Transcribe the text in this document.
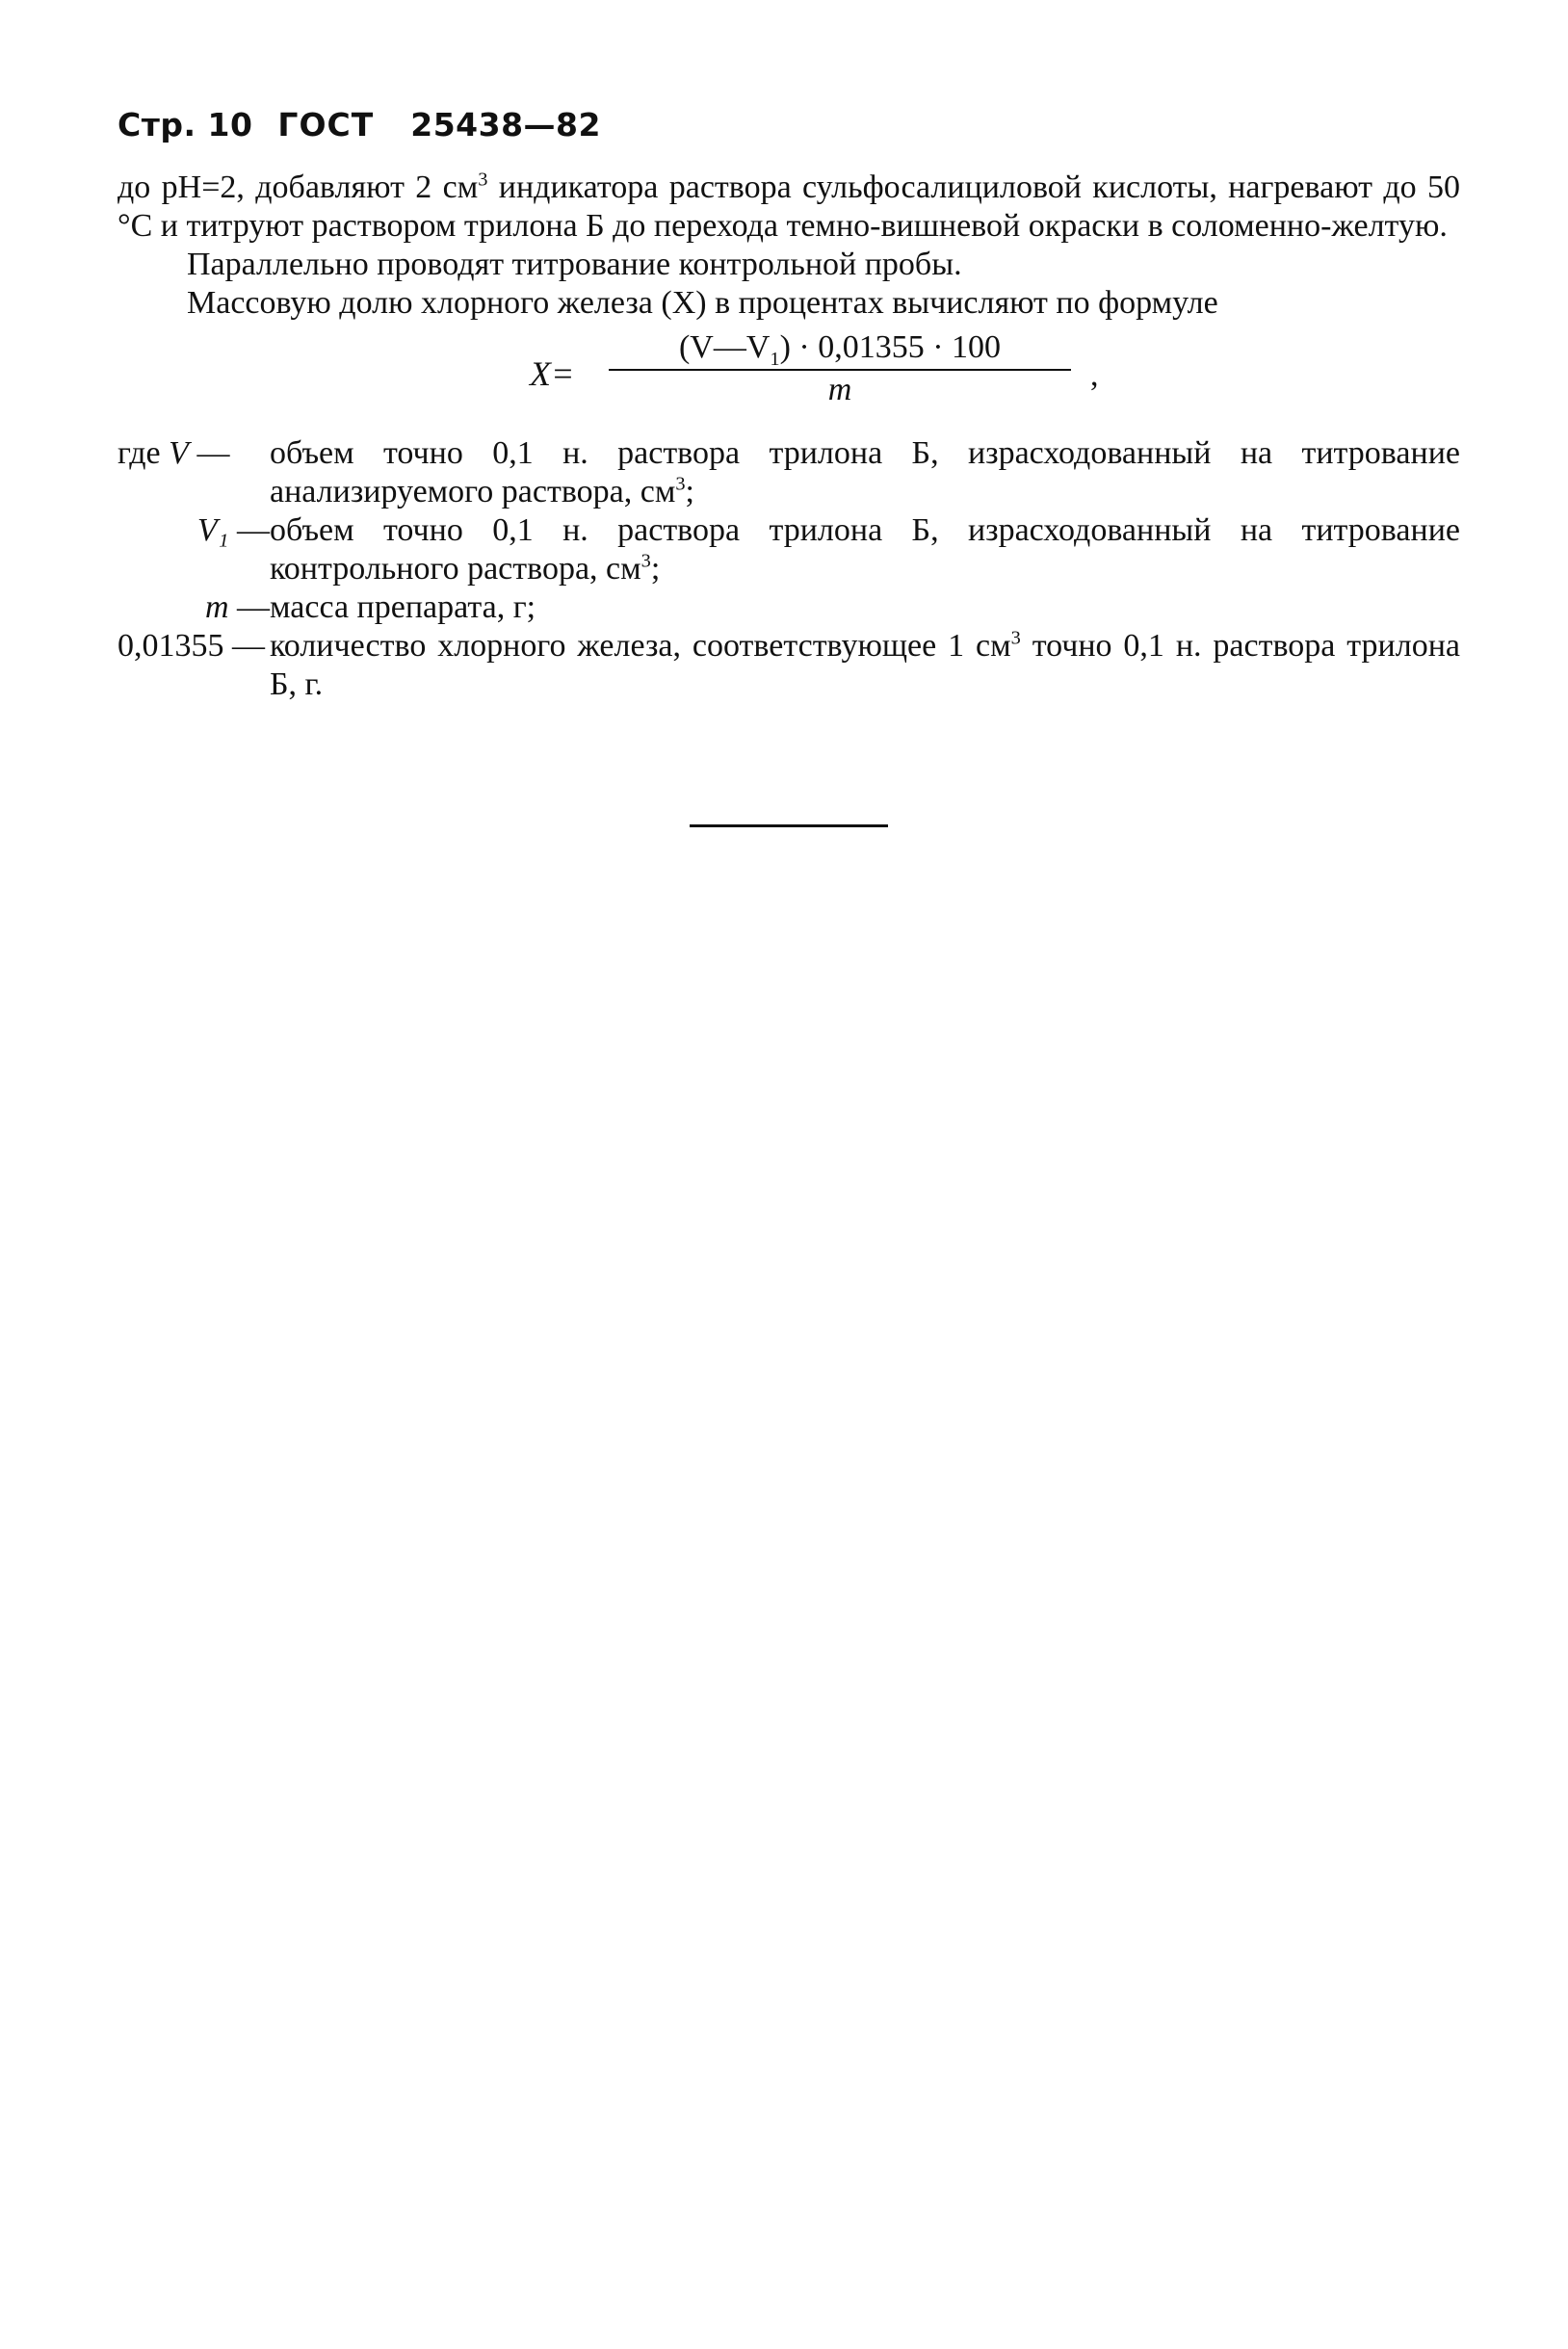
Стр. 10 ГОСТ 25438—82

до pH=2, добавляют 2 $см^3$ индикатора раствора сульфосалициловой кислоты, нагревают до 50 °С и титруют раствором трилона Б до перехода темно-вишневой окраски в соломенно-желтую.

Параллельно проводят титрование контрольной пробы.

Массовую долю хлорного железа (X) в процентах вычисляют по формуле

$X= \frac{(V—V_1) \cdot 0,01355 \cdot 100}{m}$ ,
где V —	объем точно 0,1 н. раствора трилона Б, израсходованный на титрование анализируемого раствора, $см^3$;
V₁ — объем точно 0,1 н. раствора трилона Б, израсходованный на титрование контрольного раствора, $см^3$;
m — масса препарата, г;
0,01355 — количество хлорного железа, соответствующее 1 $см^3$ точно 0,1 н. раствора трилона Б, г.
